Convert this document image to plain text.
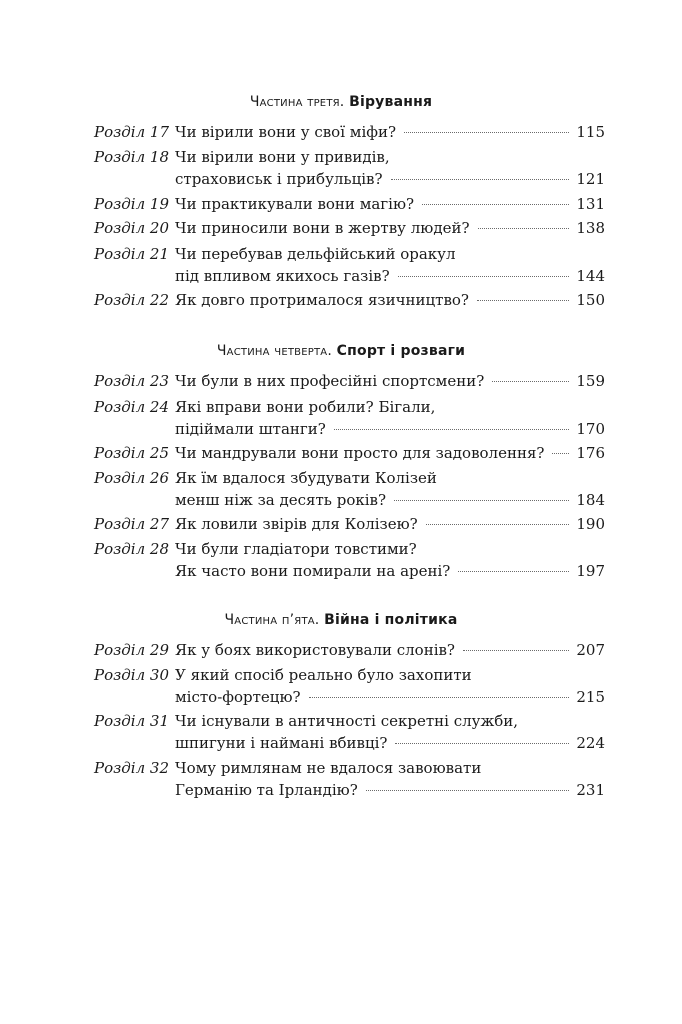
Частина третя. Вірування
Розділ 17 Чи вірили вони у свої міфи?	115
Розділ 18 Чи вірили вони у привидів,
страховиськ і прибульців?	121
Розділ 19 Чи практикували вони магію?	131
Розділ 20 Чи приносили вони в жертву людей?	138
Розділ 21 Чи перебував дельфійський оракул
під впливом якихось газів?	144
Розділ 22 Як довго протрималося язичництво?	150
Частина четверта. Спорт і розваги
Розділ 23 Чи були в них професійні спортсмени?	159
Розділ 24 Які вправи вони робили? Бігали,
підіймали штанги?	170
Розділ 25 Чи мандрували вони просто для задоволення? 176
Розділ 26 Як їм вдалося збудувати Колізей
менш ніж за десять років?	184
Розділ 27 Як ловили звірів для Колізею?	190
Розділ 28 Чи були гладіатори товстими?
Як часто вони помирали на арені?	197
Частина п’ята. Війна і політика
Розділ 29 Як у боях використовували слонів?	207
Розділ 30 У який спосіб реально було захопити
місто-фортецю?	215
Розділ 31 Чи існували в античності секретні служби,
шпигуни і наймані вбивці?	224
Розділ 32 Чому римлянам не вдалося завоювати
Германію та Ірландію?	231
